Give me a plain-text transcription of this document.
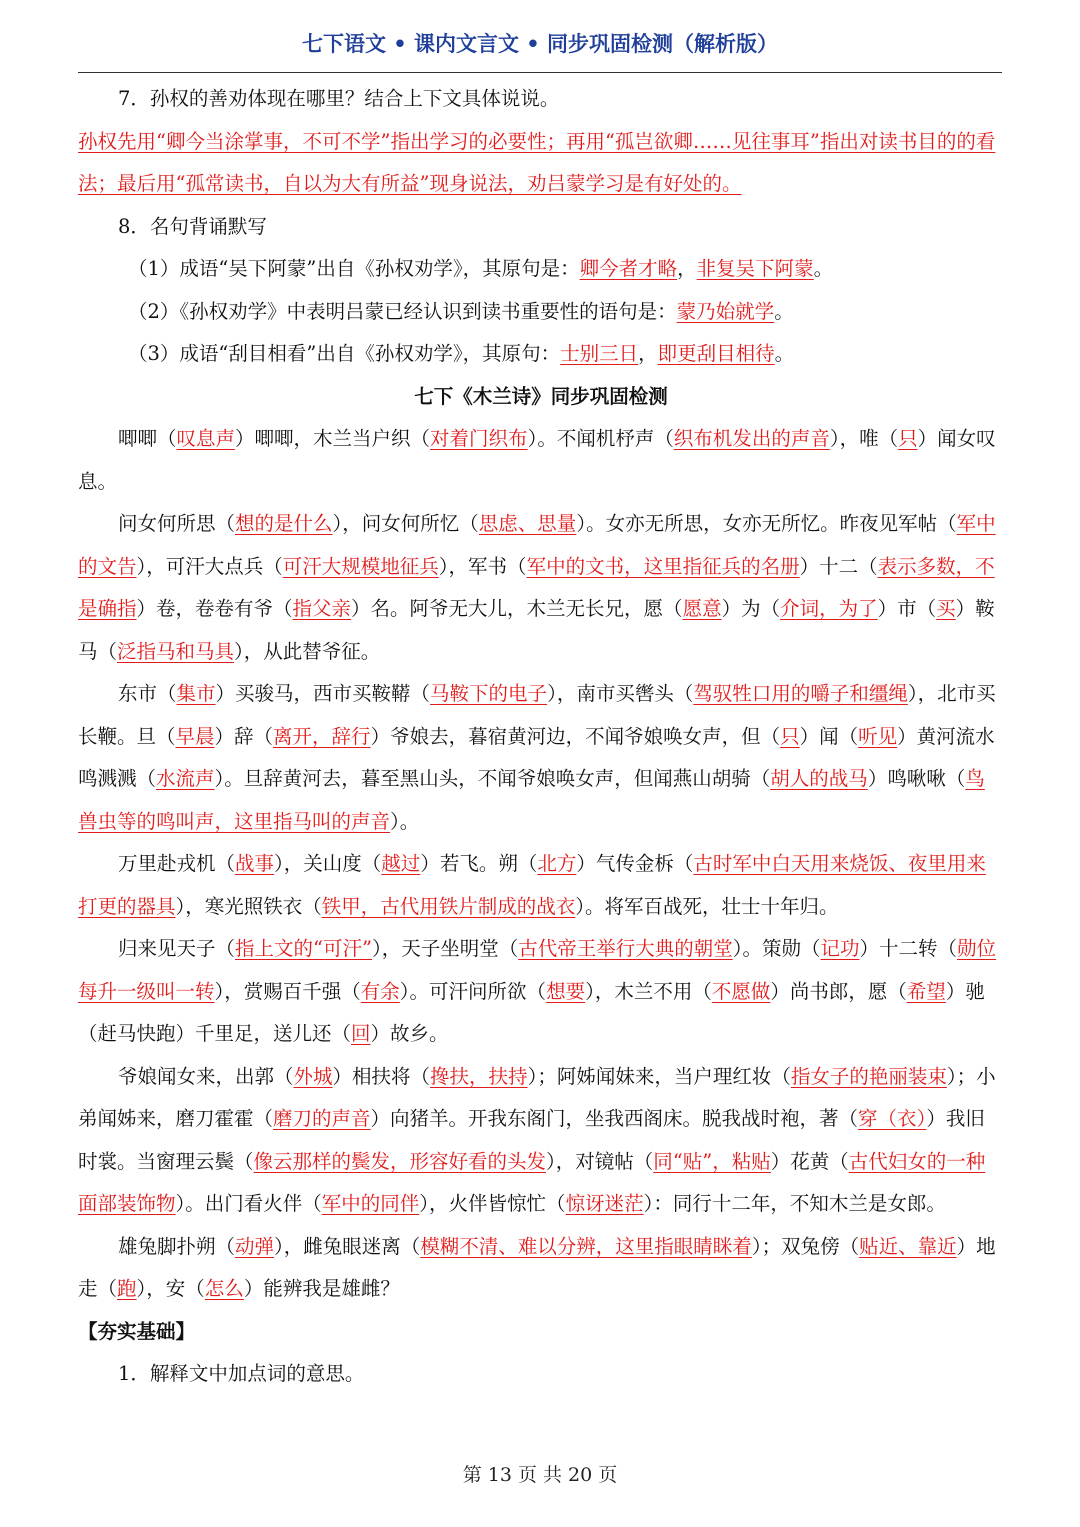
七下语文 • 课内文言文 • 同步巩固检测（解析版）

7．孙权的善劝体现在哪里？结合上下文具体说说。

孙权先用“卿今当涂掌事，不可不学”指出学习的必要性；再用“孤岂欲卿……见往事耳”指出对读书目的的看法；最后用“孤常读书，自以为大有所益”现身说法，劝吕蒙学习是有好处的。

8．名句背诵默写

（1）成语“吴下阿蒙”出自《孙权劝学》，其原句是：卿今者才略，非复吴下阿蒙。

（2）《孙权劝学》中表明吕蒙已经认识到读书重要性的语句是：蒙乃始就学。

（3）成语“刮目相看”出自《孙权劝学》，其原句：士别三日，即更刮目相待。

七下《木兰诗》同步巩固检测

唧唧（叹息声）唧唧，木兰当户织（对着门织布）。不闻机杼声（织布机发出的声音），唯（只）闻女叹息。

问女何所思（想的是什么），问女何所忆（思虑、思量）。女亦无所思，女亦无所忆。昨夜见军帖（军中的文告），可汗大点兵（可汗大规模地征兵），军书（军中的文书，这里指征兵的名册）十二（表示多数，不是确指）卷，卷卷有爷（指父亲）名。阿爷无大儿，木兰无长兄，愿（愿意）为（介词，为了）市（买）鞍马（泛指马和马具），从此替爷征。

东市（集市）买骏马，西市买鞍鞯（马鞍下的电子），南市买辔头（驾驭牲口用的嚼子和缰绳），北市买长鞭。旦（早晨）辞（离开，辞行）爷娘去，暮宿黄河边，不闻爷娘唤女声，但（只）闻（听见）黄河流水鸣溅溅（水流声）。旦辞黄河去，暮至黑山头，不闻爷娘唤女声，但闻燕山胡骑（胡人的战马）鸣啾啾（鸟兽虫等的鸣叫声，这里指马叫的声音）。

万里赴戎机（战事），关山度（越过）若飞。朔（北方）气传金柝（古时军中白天用来烧饭、夜里用来打更的器具），寒光照铁衣（铁甲，古代用铁片制成的战衣）。将军百战死，壮士十年归。

归来见天子（指上文的“可汗”），天子坐明堂（古代帝王举行大典的朝堂）。策勋（记功）十二转（勋位每升一级叫一转），赏赐百千强（有余）。可汗问所欲（想要），木兰不用（不愿做）尚书郎，愿（希望）驰（赶马快跑）千里足，送儿还（回）故乡。

爷娘闻女来，出郭（外城）相扶将（搀扶，扶持）；阿姊闻妹来，当户理红妆（指女子的艳丽装束）；小弟闻姊来，磨刀霍霍（磨刀的声音）向猪羊。开我东阁门，坐我西阁床。脱我战时袍，著（穿（衣））我旧时裳。当窗理云鬓（像云那样的鬓发，形容好看的头发），对镜帖（同“贴”，粘贴）花黄（古代妇女的一种面部装饰物）。出门看火伴（军中的同伴），火伴皆惊忙（惊讶迷茫）：同行十二年，不知木兰是女郎。

雄兔脚扑朔（动弹），雌兔眼迷离（模糊不清、难以分辨，这里指眼睛眯着）；双兔傍（贴近、靠近）地走（跑），安（怎么）能辨我是雄雌？

【夯实基础】

1．解释文中加点词的意思。

第 13 页 共 20 页
